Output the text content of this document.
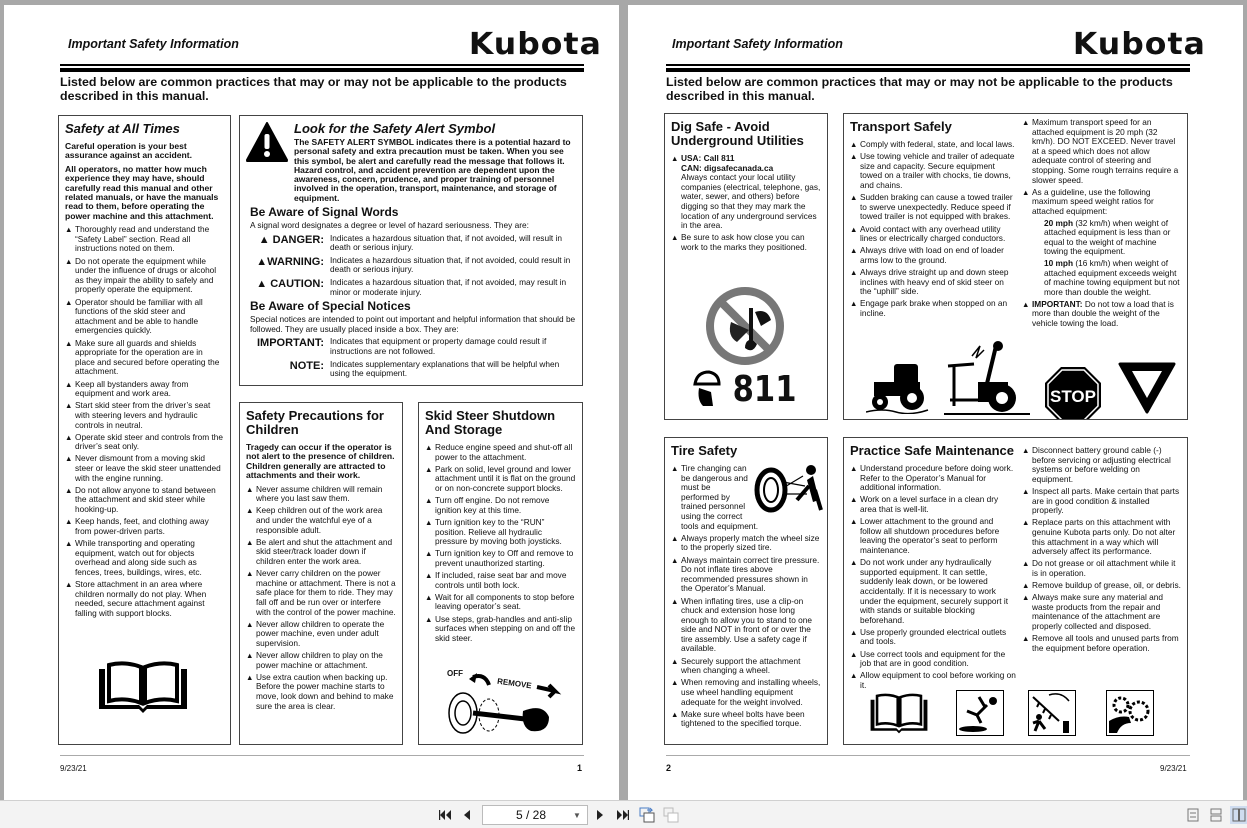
Important Safety Information	Kubota
Listed below are common practices that may or may not be applicable to the products described in this manual.
Safety at All Times
Careful operation is your best assurance against an accident.
All operators, no matter how much experience they may have, should carefully read this manual and other related manuals, or have the manuals read to them, before operating the power machine and this attachment.
▲ Thoroughly read and understand the “Safety Label” section. Read all instructions noted on them.
▲ Do not operate the equipment while under the influence of drugs or alcohol as they impair the ability to safely and properly operate the equipment.
▲ Operator should be familiar with all functions of the skid steer and attachment and be able to handle emergencies quickly.
▲ Make sure all guards and shields appropriate for the operation are in place and secured before operating the attachment.
▲ Keep all bystanders away from equipment and work area.
▲ Start skid steer from the driver’s seat with steering levers and hydraulic controls in neutral.
▲ Operate skid steer and controls from the driver’s seat only.
▲ Never dismount from a moving skid steer or leave the skid steer unattended with the engine running.
▲ Do not allow anyone to stand between the attachment and skid steer while hooking-up.
▲ Keep hands, feet, and clothing away from power-driven parts.
▲ While transporting and operating equipment, watch out for objects overhead and along side such as fences, trees, buildings, wires, etc.
▲ Store attachment in an area where children normally do not play. When needed, secure attachment against falling with support blocks.
Look for the Safety Alert Symbol
The SAFETY ALERT SYMBOL indicates there is a potential hazard to personal safety and extra precaution must be taken. When you see this symbol, be alert and carefully read the message that follows it. Hazard control, and accident prevention are dependent upon the awareness, concern, prudence, and proper training of personnel involved in the operation, transport, maintenance, and storage of equipment.
Be Aware of Signal Words
A signal word designates a degree or level of hazard seriousness. They are:
▲ DANGER: Indicates a hazardous situation that, if not avoided, will result in death or serious injury.
▲WARNING: Indicates a hazardous situation that, if not avoided, could result in death or serious injury.
▲ CAUTION: Indicates a hazardous situation that, if not avoided, may result in minor or moderate injury.
Be Aware of Special Notices
Special notices are intended to point out important and helpful information that should be followed. They are usually placed inside a box. They are:
IMPORTANT: Indicates that equipment or property damage could result if instructions are not followed.
NOTE: Indicates supplementary explanations that will be helpful when using the equipment.
Safety Precautions for Children
Tragedy can occur if the operator is not alert to the presence of children. Children generally are attracted to attachments and their work.
▲ Never assume children will remain where you last saw them.
▲ Keep children out of the work area and under the watchful eye of a responsible adult.
▲ Be alert and shut the attachment and skid steer/track loader down if children enter the work area.
▲ Never carry children on the power machine or attachment. There is not a safe place for them to ride. They may fall off and be run over or interfere with the control of the power machine.
▲ Never allow children to operate the power machine, even under adult supervision.
▲ Never allow children to play on the power machine or attachment.
▲ Use extra caution when backing up. Before the power machine starts to move, look down and behind to make sure the area is clear.
Skid Steer Shutdown And Storage
▲ Reduce engine speed and shut-off all power to the attachment.
▲ Park on solid, level ground and lower attachment until it is flat on the ground or on non-concrete support blocks.
▲ Turn off engine. Do not remove ignition key at this time.
▲ Turn ignition key to the “RUN” position. Relieve all hydraulic pressure by moving both joysticks.
▲ Turn ignition key to Off and remove to prevent unauthorized starting.
▲ If included, raise seat bar and move controls until both lock.
▲ Wait for all components to stop before leaving operator’s seat.
▲ Use steps, grab-handles and anti-slip surfaces when stepping on and off the skid steer.
OFF
REMOVE
9/23/21	1
Important Safety Information	Kubota
Listed below are common practices that may or may not be applicable to the products described in this manual.
Dig Safe - Avoid Underground Utilities
▲ USA: Call 811
CAN: digsafecanada.ca
Always contact your local utility companies (electrical, telephone, gas, water, sewer, and others) before digging so that they may mark the location of any underground services in the area.
▲ Be sure to ask how close you can work to the marks they positioned.
811
Transport Safely
▲ Comply with federal, state, and local laws.
▲ Use towing vehicle and trailer of adequate size and capacity. Secure equipment towed on a trailer with chocks, tie downs, and chains.
▲ Sudden braking can cause a towed trailer to swerve unexpectedly. Reduce speed if towed trailer is not equipped with brakes.
▲ Avoid contact with any overhead utility lines or electrically charged conductors.
▲ Always drive with load on end of loader arms low to the ground.
▲ Always drive straight up and down steep inclines with heavy end of skid steer on the “uphill” side.
▲ Engage park brake when stopped on an incline.
▲ Maximum transport speed for an attached equipment is 20 mph (32 km/h). DO NOT EXCEED. Never travel at a speed which does not allow adequate control of steering and stopping. Some rough terrains require a slower speed.
▲ As a guideline, use the following maximum speed weight ratios for attached equipment:
20 mph (32 km/h) when weight of attached equipment is less than or equal to the weight of machine towing the equipment.
10 mph (16 km/h) when weight of attached equipment exceeds weight of machine towing equipment but not more than double the weight.
▲ IMPORTANT: Do not tow a load that is more than double the weight of the vehicle towing the load.
STOP
Tire Safety
▲ Tire changing can be dangerous and must be performed by trained personnel using the correct tools and equipment.
▲ Always properly match the wheel size to the properly sized tire.
▲ Always maintain correct tire pressure. Do not inflate tires above recommended pressures shown in the Operator’s Manual.
▲ When inflating tires, use a clip-on chuck and extension hose long enough to allow you to stand to one side and NOT in front of or over the tire assembly. Use a safety cage if available.
▲ Securely support the attachment when changing a wheel.
▲ When removing and installing wheels, use wheel handling equipment adequate for the weight involved.
▲ Make sure wheel bolts have been tightened to the specified torque.
Practice Safe Maintenance
▲ Understand procedure before doing work. Refer to the Operator’s Manual for additional information.
▲ Work on a level surface in a clean dry area that is well-lit.
▲ Lower attachment to the ground and follow all shutdown procedures before leaving the operator’s seat to perform maintenance.
▲ Do not work under any hydraulically supported equipment. It can settle, suddenly leak down, or be lowered accidentally. If it is necessary to work under the equipment, securely support it with stands or suitable blocking beforehand.
▲ Use properly grounded electrical outlets and tools.
▲ Use correct tools and equipment for the job that are in good condition.
▲ Allow equipment to cool before working on it.
▲ Disconnect battery ground cable (-) before servicing or adjusting electrical systems or before welding on equipment.
▲ Inspect all parts. Make certain that parts are in good condition & installed properly.
▲ Replace parts on this attachment with genuine Kubota parts only. Do not alter this attachment in a way which will adversely affect its performance.
▲ Do not grease or oil attachment while it is in operation.
▲ Remove buildup of grease, oil, or debris.
▲ Always make sure any material and waste products from the repair and maintenance of the attachment are properly collected and disposed.
▲ Remove all tools and unused parts from the equipment before operation.
2	9/23/21
5 / 28	▼
